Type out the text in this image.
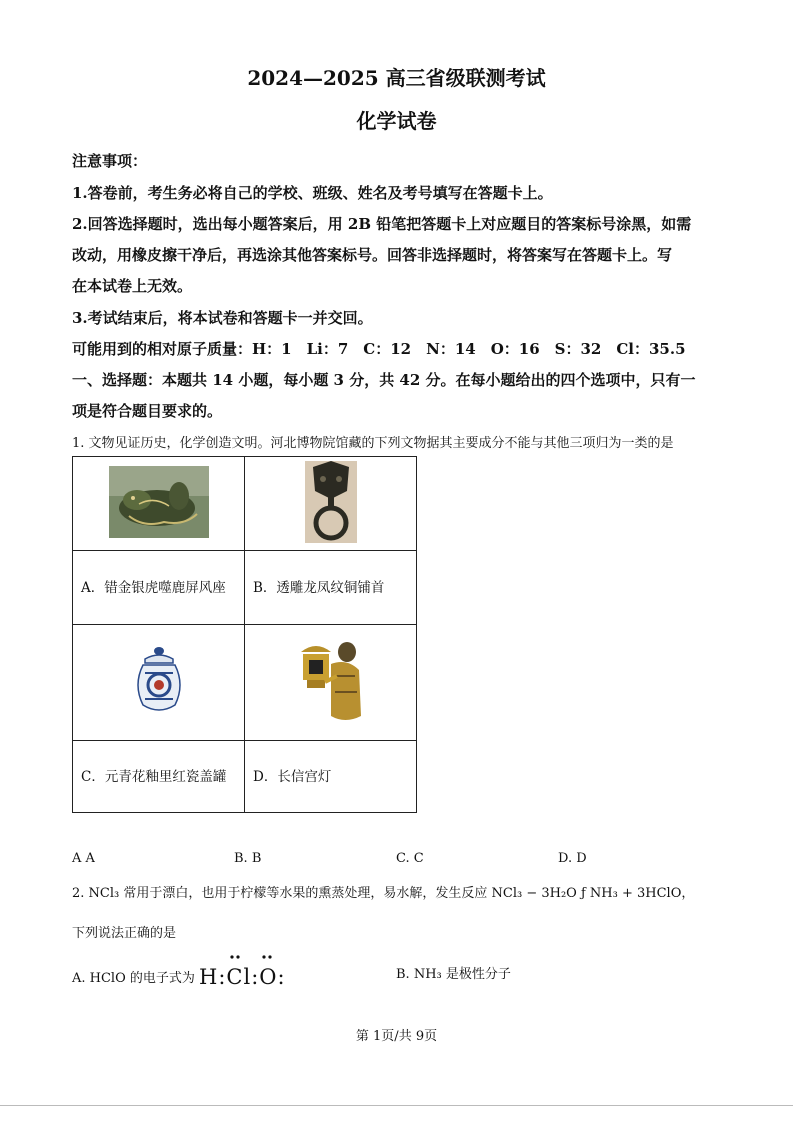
2024—2025 高三省级联测考试
化学试卷
注意事项：
1.答卷前，考生务必将自己的学校、班级、姓名及考号填写在答题卡上。
2.回答选择题时，选出每小题答案后，用 2B 铅笔把答题卡上对应题目的答案标号涂黑，如需
改动，用橡皮擦干净后，再选涂其他答案标号。回答非选择题时，将答案写在答题卡上。写
在本试卷上无效。
3.考试结束后，将本试卷和答题卡一并交回。
可能用到的相对原子质量：H：1　Li：7　C：12　N：14　O：16　S：32　Cl：35.5
一、选择题：本题共 14 小题，每小题 3 分，共 42 分。在每小题给出的四个选项中，只有一
项是符合题目要求的。
1. 文物见证历史，化学创造文明。河北博物院馆藏的下列文物据其主要成分不能与其他三项归为一类的是

A．错金银虎噬鹿屏风座	B．透雕龙凤纹铜铺首

C．元青花釉里红瓷盖罐	D．长信宫灯
A A	B. B	C. C	D. D
2. NCl₃ 常用于漂白，也用于柠檬等水果的熏蒸处理，易水解，发生反应 NCl₃ − 3H₂O ƒ NH₃ + 3HClO，
下列说法正确的是
A. HClO 的电子式为 H:Cl:O:	B. NH₃ 是极性分子
第 1页/共 9页
